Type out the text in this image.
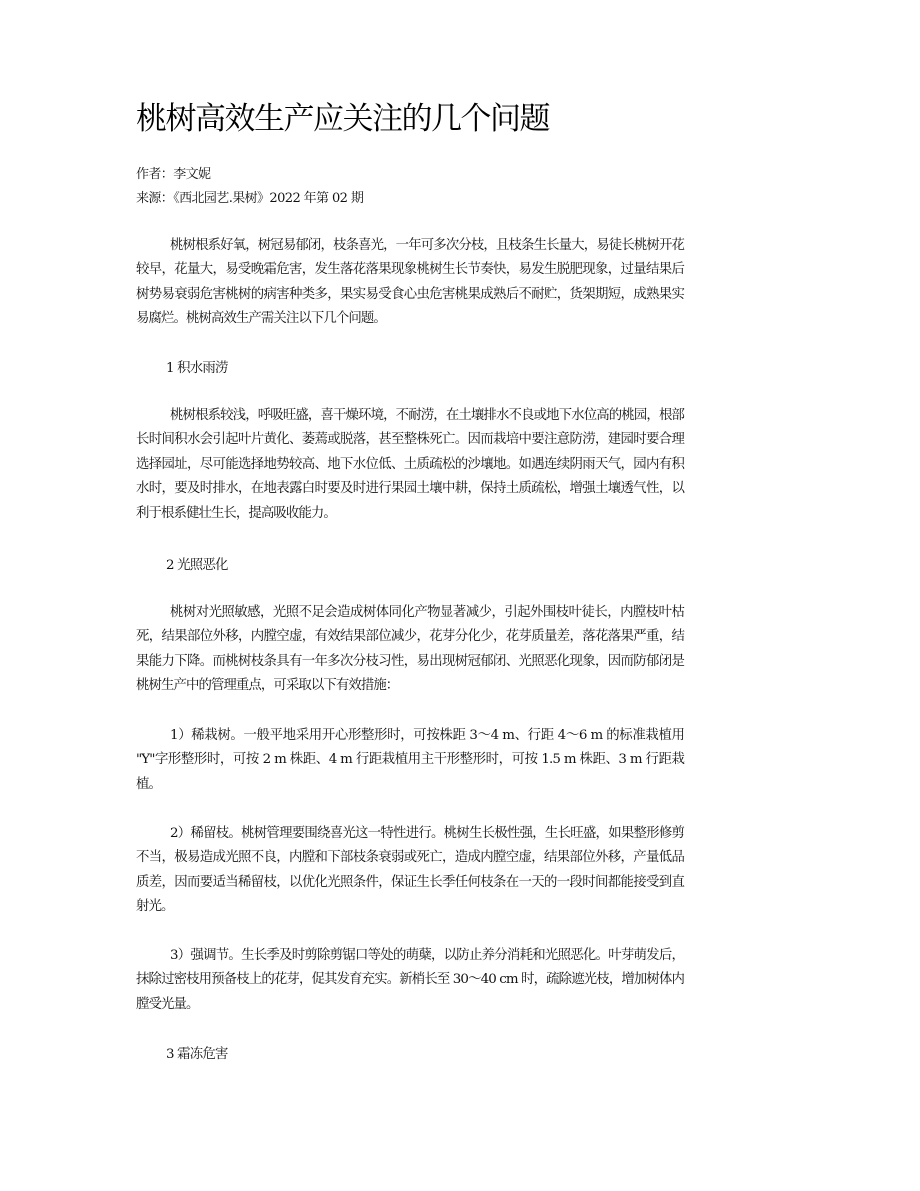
桃树高效生产应关注的几个问题
作者：李文妮
来源：《西北园艺.果树》2022 年第 02 期

桃树根系好氧，树冠易郁闭，枝条喜光，一年可多次分枝，且枝条生长量大，易徒长桃树开花较早，花量大，易受晚霜危害，发生落花落果现象桃树生长节奏快，易发生脱肥现象，过量结果后树势易衰弱危害桃树的病害种类多，果实易受食心虫危害桃果成熟后不耐贮，货架期短，成熟果实易腐烂。桃树高效生产需关注以下几个问题。

1 积水雨涝

桃树根系较浅，呼吸旺盛，喜干燥环境，不耐涝，在土壤排水不良或地下水位高的桃园，根部长时间积水会引起叶片黄化、萎蔫或脱落，甚至整株死亡。因而栽培中要注意防涝，建园时要合理选择园址，尽可能选择地势较高、地下水位低、土质疏松的沙壤地。如遇连续阴雨天气，园内有积水时，要及时排水，在地表露白时要及时进行果园土壤中耕，保持土质疏松，增强土壤透气性，以利于根系健壮生长，提高吸收能力。

2 光照恶化

桃树对光照敏感，光照不足会造成树体同化产物显著减少，引起外围枝叶徒长，内膛枝叶枯死，结果部位外移，内膛空虚，有效结果部位减少，花芽分化少，花芽质量差，落花落果严重，结果能力下降。而桃树枝条具有一年多次分枝习性，易出现树冠郁闭、光照恶化现象，因而防郁闭是桃树生产中的管理重点，可采取以下有效措施：

1）稀栽树。一般平地采用开心形整形时，可按株距 3～4 m、行距 4～6 m 的标准栽植用 "Y"字形整形时，可按 2 m 株距、4 m 行距栽植用主干形整形时，可按 1.5 m 株距、3 m 行距栽植。

2）稀留枝。桃树管理要围绕喜光这一特性进行。桃树生长极性强，生长旺盛，如果整形修剪不当，极易造成光照不良，内膛和下部枝条衰弱或死亡，造成内膛空虚，结果部位外移，产量低品质差，因而要适当稀留枝，以优化光照条件，保证生长季任何枝条在一天的一段时间都能接受到直射光。

3）强调节。生长季及时剪除剪锯口等处的萌蘖，以防止养分消耗和光照恶化。叶芽萌发后，抹除过密枝用预备枝上的花芽，促其发育充实。新梢长至 30～40 cm 时，疏除遮光枝，增加树体内膛受光量。

3 霜冻危害
